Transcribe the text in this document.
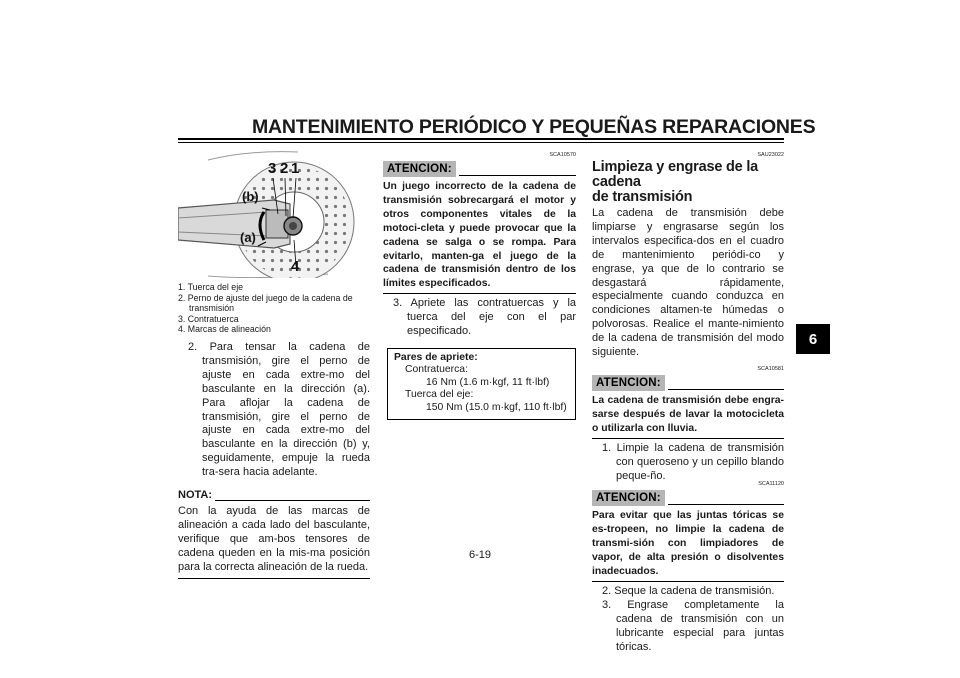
MANTENIMIENTO PERIÓDICO Y PEQUEÑAS REPARACIONES
6
3 2 1
(b)
(a)
4
1. Tuerca del eje
2. Perno de ajuste del juego de la cadena de transmisión
3. Contratuerca
4. Marcas de alineación

2. Para tensar la cadena de transmisión, gire el perno de ajuste en cada extre-mo del basculante en la dirección (a). Para aflojar la cadena de transmisión, gire el perno de ajuste en cada extre-mo del basculante en la dirección (b) y, seguidamente, empuje la rueda tra-sera hacia adelante.

NOTA:

Con la ayuda de las marcas de alineación a cada lado del basculante, verifique que am-bos tensores de cadena queden en la mis-ma posición para la correcta alineación de la rueda.

SCA10570
ATENCION:

Un juego incorrecto de la cadena de transmisión sobrecargará el motor y otros componentes vitales de la motoci-cleta y puede provocar que la cadena se salga o se rompa. Para evitarlo, manten-ga el juego de la cadena de transmisión dentro de los límites especificados.

3. Apriete las contratuercas y la tuerca del eje con el par especificado.

Pares de apriete:
Contratuerca:
16 Nm (1.6 m·kgf, 11 ft·lbf)
Tuerca del eje:
150 Nm (15.0 m·kgf, 110 ft·lbf)
SAU23022
Limpieza y engrase de la cadena
de transmisión

La cadena de transmisión debe limpiarse y engrasarse según los intervalos especifica-dos en el cuadro de mantenimiento periódi-co y engrase, ya que de lo contrario se desgastará rápidamente, especialmente cuando conduzca en condiciones altamen-te húmedas o polvorosas. Realice el mante-nimiento de la cadena de transmisión del modo siguiente.

SCA10581
ATENCION:

La cadena de transmisión debe engra-sarse después de lavar la motocicleta o utilizarla con lluvia.

1. Limpie la cadena de transmisión con queroseno y un cepillo blando peque-ño.

SCA11120
ATENCION:

Para evitar que las juntas tóricas se es-tropeen, no limpie la cadena de transmi-sión con limpiadores de vapor, de alta presión o disolventes inadecuados.

2. Seque la cadena de transmisión.

3. Engrase completamente la cadena de transmisión con un lubricante especial para juntas tóricas.

6-19
